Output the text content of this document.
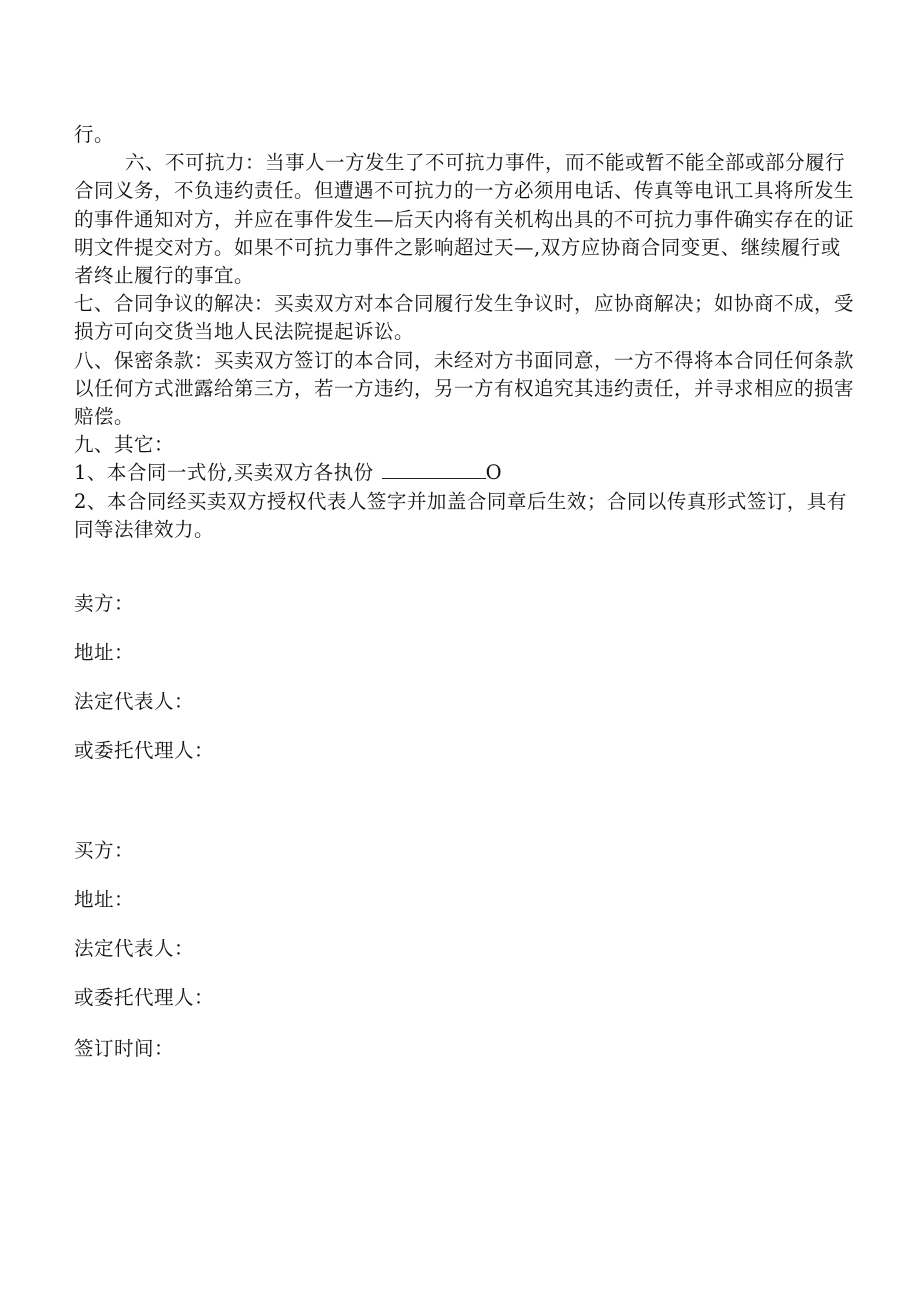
行。

六、不可抗力：当事人一方发生了不可抗力事件，而不能或暂不能全部或部分履行合同义务，不负违约责任。但遭遇不可抗力的一方必须用电话、传真等电讯工具将所发生的事件通知对方，并应在事件发生—后天内将有关机构出具的不可抗力事件确实存在的证明文件提交对方。如果不可抗力事件之影响超过天—,双方应协商合同变更、继续履行或者终止履行的事宜。

七、合同争议的解决：买卖双方对本合同履行发生争议时，应协商解决；如协商不成，受损方可向交货当地人民法院提起诉讼。

八、保密条款：买卖双方签订的本合同，未经对方书面同意，一方不得将本合同任何条款以任何方式泄露给第三方，若一方违约，另一方有权追究其违约责任，并寻求相应的损害赔偿。

九、其它：

1、本合同一式份,买卖双方各执份	O

2、本合同经买卖双方授权代表人签字并加盖合同章后生效；合同以传真形式签订，具有同等法律效力。

卖方：
地址：
法定代表人：
或委托代理人：
买方：
地址：
法定代表人：
或委托代理人：
签订时间：
